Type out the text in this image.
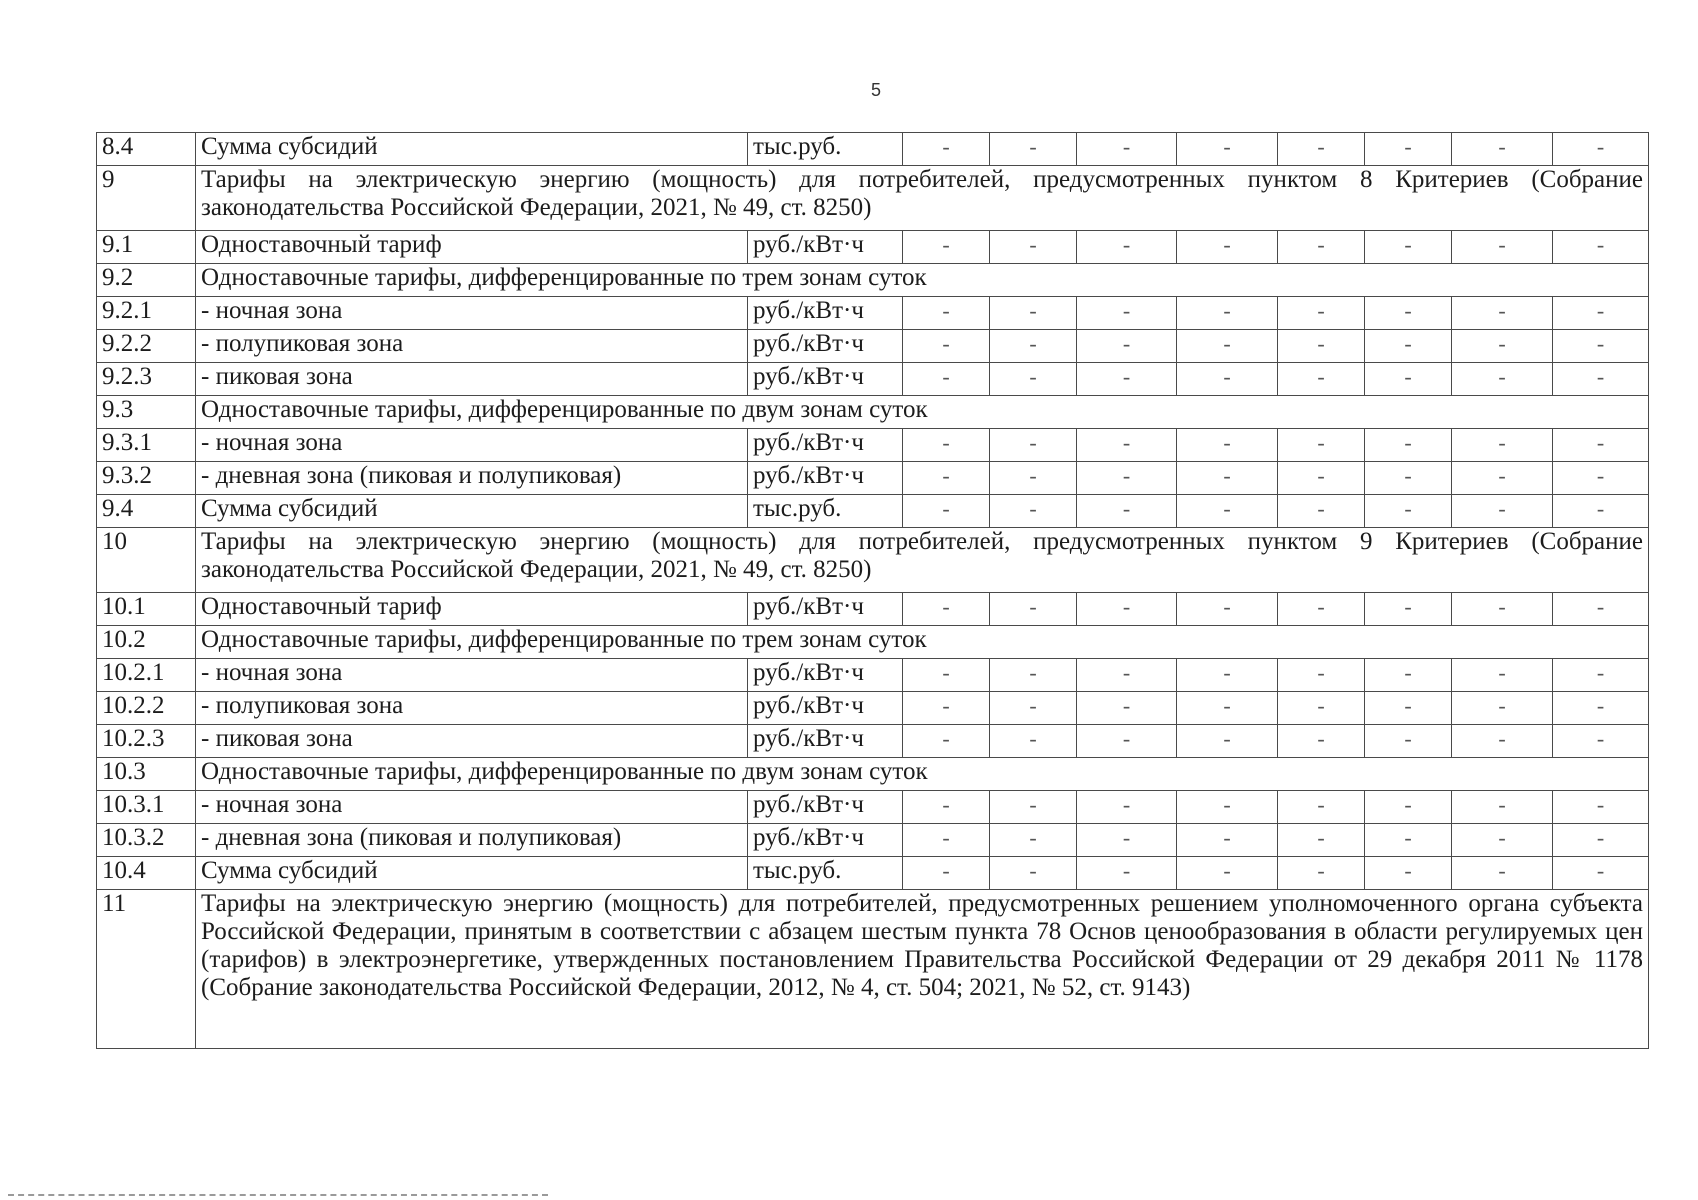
5
8.4	Сумма субсидий	тыс.руб.	-	-	-	-	-	-	-	-
9	Тарифы на электрическую энергию (мощность) для потребителей, предусмотренных пунктом 8 Критериев (Собрание законодательства Российской Федерации, 2021, № 49, ст. 8250)									
9.1	Одноставочный тариф	руб./кВт·ч	-	-	-	-	-	-	-	-
9.2	Одноставочные тарифы, дифференцированные по трем зонам суток									
9.2.1	- ночная зона	руб./кВт·ч	-	-	-	-	-	-	-	-
9.2.2	- полупиковая зона	руб./кВт·ч	-	-	-	-	-	-	-	-
9.2.3	- пиковая зона	руб./кВт·ч	-	-	-	-	-	-	-	-
9.3	Одноставочные тарифы, дифференцированные по двум зонам суток									
9.3.1	- ночная зона	руб./кВт·ч	-	-	-	-	-	-	-	-
9.3.2	- дневная зона (пиковая и полупиковая)	руб./кВт·ч	-	-	-	-	-	-	-	-
9.4	Сумма субсидий	тыс.руб.	-	-	-	-	-	-	-	-
10	Тарифы на электрическую энергию (мощность) для потребителей, предусмотренных пунктом 9 Критериев (Собрание законодательства Российской Федерации, 2021, № 49, ст. 8250)									
10.1	Одноставочный тариф	руб./кВт·ч	-	-	-	-	-	-	-	-
10.2	Одноставочные тарифы, дифференцированные по трем зонам суток									
10.2.1	- ночная зона	руб./кВт·ч	-	-	-	-	-	-	-	-
10.2.2	- полупиковая зона	руб./кВт·ч	-	-	-	-	-	-	-	-
10.2.3	- пиковая зона	руб./кВт·ч	-	-	-	-	-	-	-	-
10.3	Одноставочные тарифы, дифференцированные по двум зонам суток									
10.3.1	- ночная зона	руб./кВт·ч	-	-	-	-	-	-	-	-
10.3.2	- дневная зона (пиковая и полупиковая)	руб./кВт·ч	-	-	-	-	-	-	-	-
10.4	Сумма субсидий	тыс.руб.	-	-	-	-	-	-	-	-
11	Тарифы на электрическую энергию (мощность) для потребителей, предусмотренных решением уполномоченного органа субъекта Российской Федерации, принятым в соответствии с абзацем шестым пункта 78 Основ ценообразования в области регулируемых цен (тарифов) в электроэнергетике, утвержденных постановлением Правительства Российской Федерации от 29 декабря 2011 № 1178 (Собрание законодательства Российской Федерации, 2012, № 4, ст. 504; 2021, № 52, ст. 9143)									
